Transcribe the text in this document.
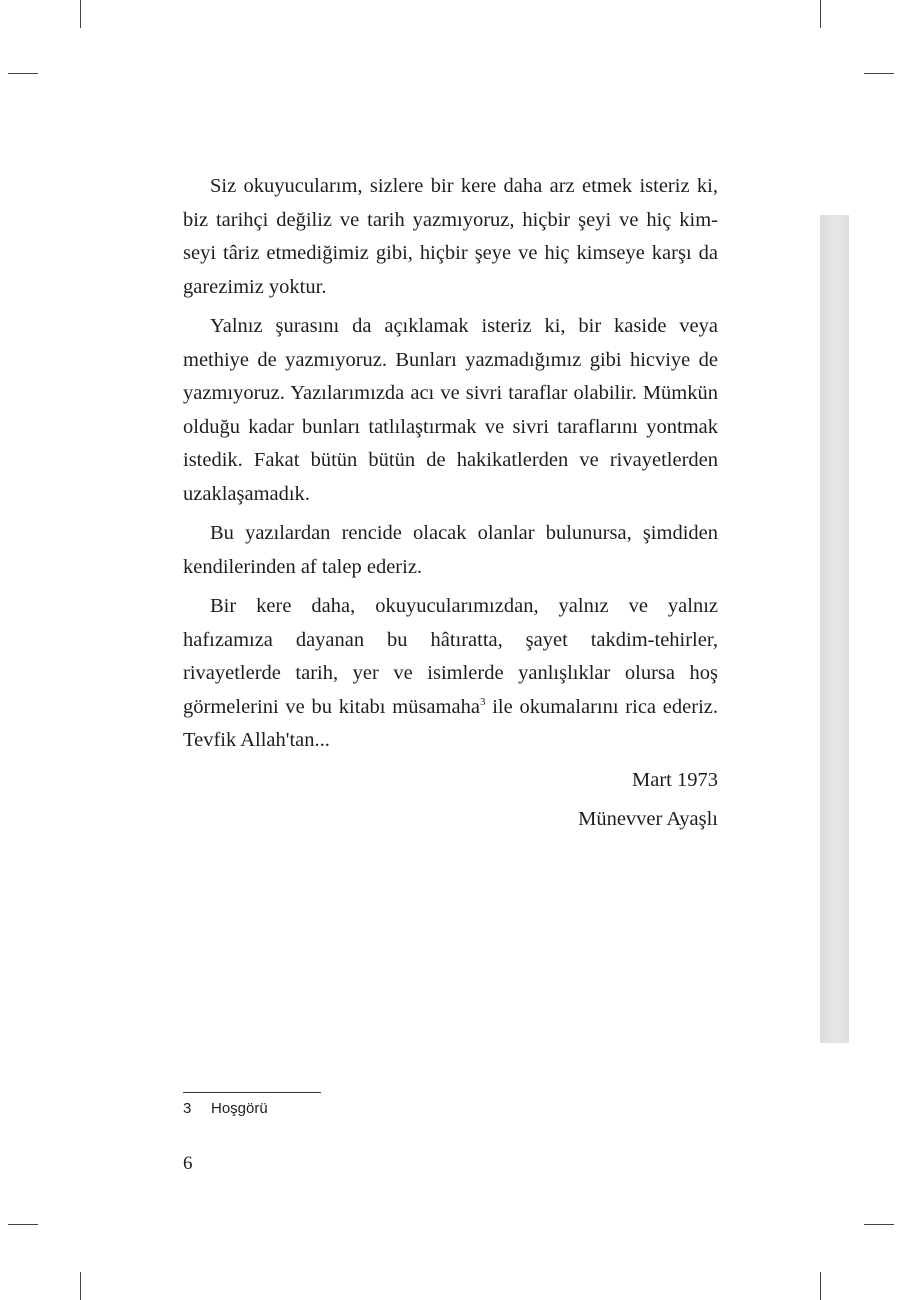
Siz okuyucularım, sizlere bir kere daha arz etmek isteriz ki, biz tarihçi değiliz ve tarih yazmıyoruz, hiçbir şeyi ve hiç kim-seyi târiz etmediğimiz gibi, hiçbir şeye ve hiç kimseye karşı da garezimiz yoktur.

Yalnız şurasını da açıklamak isteriz ki, bir kaside veya methiye de yazmıyoruz. Bunları yazmadığımız gibi hicviye de yazmıyoruz. Yazılarımızda acı ve sivri taraflar olabilir. Mümkün olduğu kadar bunları tatlılaştırmak ve sivri taraflarını yontmak istedik. Fakat bütün bütün de hakikatlerden ve rivayetlerden uzaklaşamadık.

Bu yazılardan rencide olacak olanlar bulunursa, şimdiden kendilerinden af talep ederiz.

Bir kere daha, okuyucularımızdan, yalnız ve yalnız hafızamıza dayanan bu hâtıratta, şayet takdim-tehirler, rivayetlerde tarih, yer ve isimlerde yanlışlıklar olursa hoş görmelerini ve bu kitabı müsamaha$^3$ ile okumalarını rica ederiz. Tevfik Allah'tan...

Mart 1973

Münevver Ayaşlı

3 Hoşgörü
6
